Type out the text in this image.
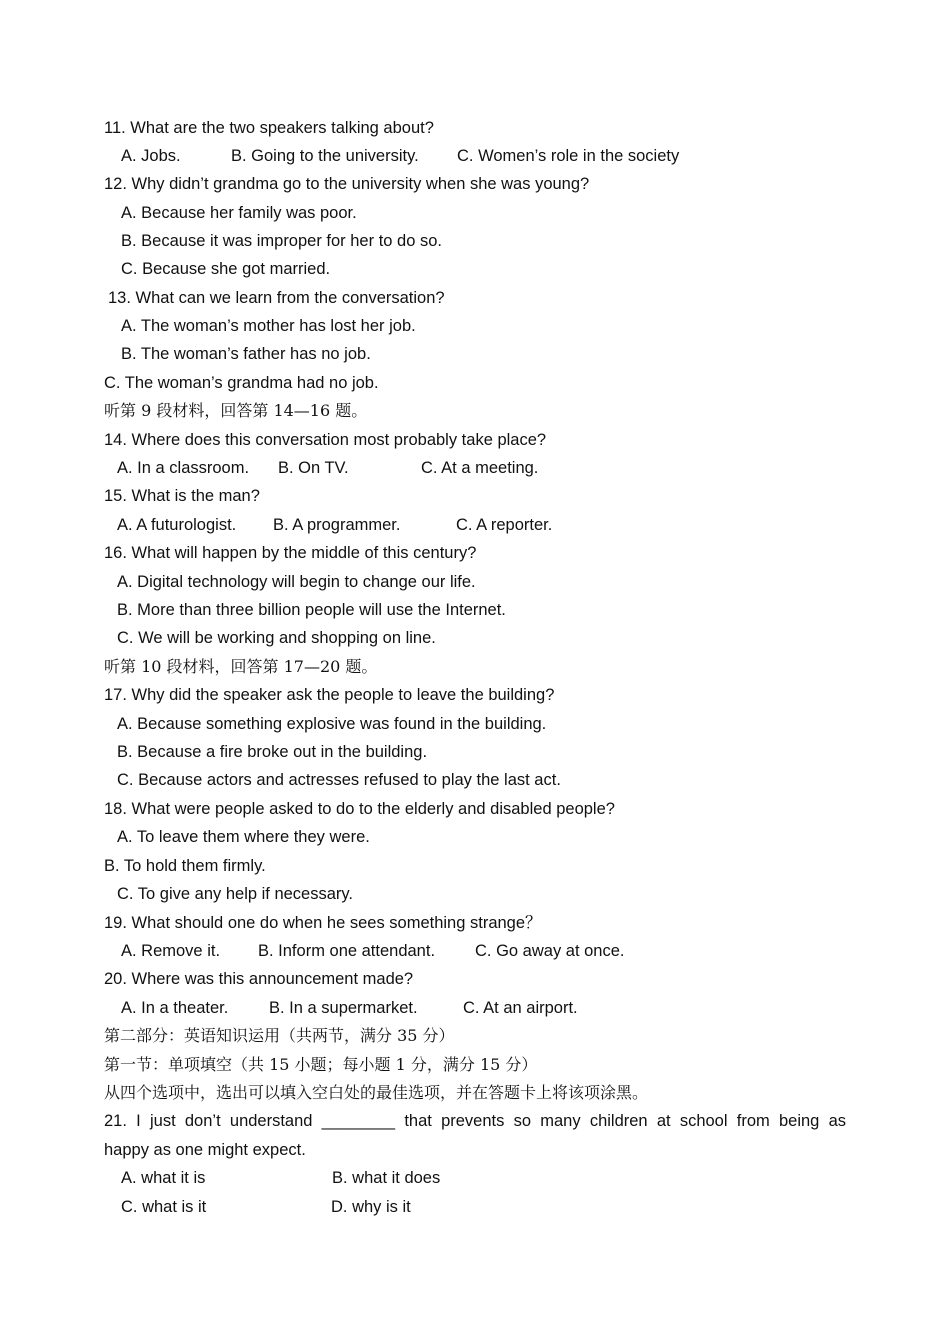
11. What are the two speakers talking about?
A. Jobs.	B. Going to the university. C. Women’s role in the society
12. Why didn’t grandma go to the university when she was young?
A. Because her family was poor.
B. Because it was improper for her to do so.
C. Because she got married.
13. What can we learn from the conversation?
A. The woman’s mother has lost her job.
B. The woman’s father has no job.
C. The woman’s grandma had no job.
听第 9 段材料，回答第 14—16 题。
14. Where does this conversation most probably take place?
A. In a classroom. B. On TV.	C. At a meeting.
15. What is the man?
A. A futurologist. B. A programmer.	C. A reporter.
16. What will happen by the middle of this century?
A. Digital technology will begin to change our life.
B. More than three billion people will use the Internet.
C. We will be working and shopping on line.
听第 10 段材料，回答第 17—20 题。
17. Why did the speaker ask the people to leave the building?
A. Because something explosive was found in the building.
B. Because a fire broke out in the building.
C. Because actors and actresses refused to play the last act.
18. What were people asked to do to the elderly and disabled people?
A. To leave them where they were.
B. To hold them firmly.
C. To give any help if necessary.
19. What should one do when he sees something strange？
A. Remove it. B. Inform one attendant. C. Go away at once.
20. Where was this announcement made?
A. In a theater. B. In a supermarket.	C. At an airport.
第二部分：英语知识运用（共两节，满分 35 分）
第一节：单项填空（共 15 小题；每小题 1 分，满分 15 分）
从四个选项中，选出可以填入空白处的最佳选项，并在答题卡上将该项涂黑。
21. I just don’t understand ________ that prevents so many children at school from being as
happy as one might expect.
A. what it is	B. what it does
C. what is it	D. why is it
